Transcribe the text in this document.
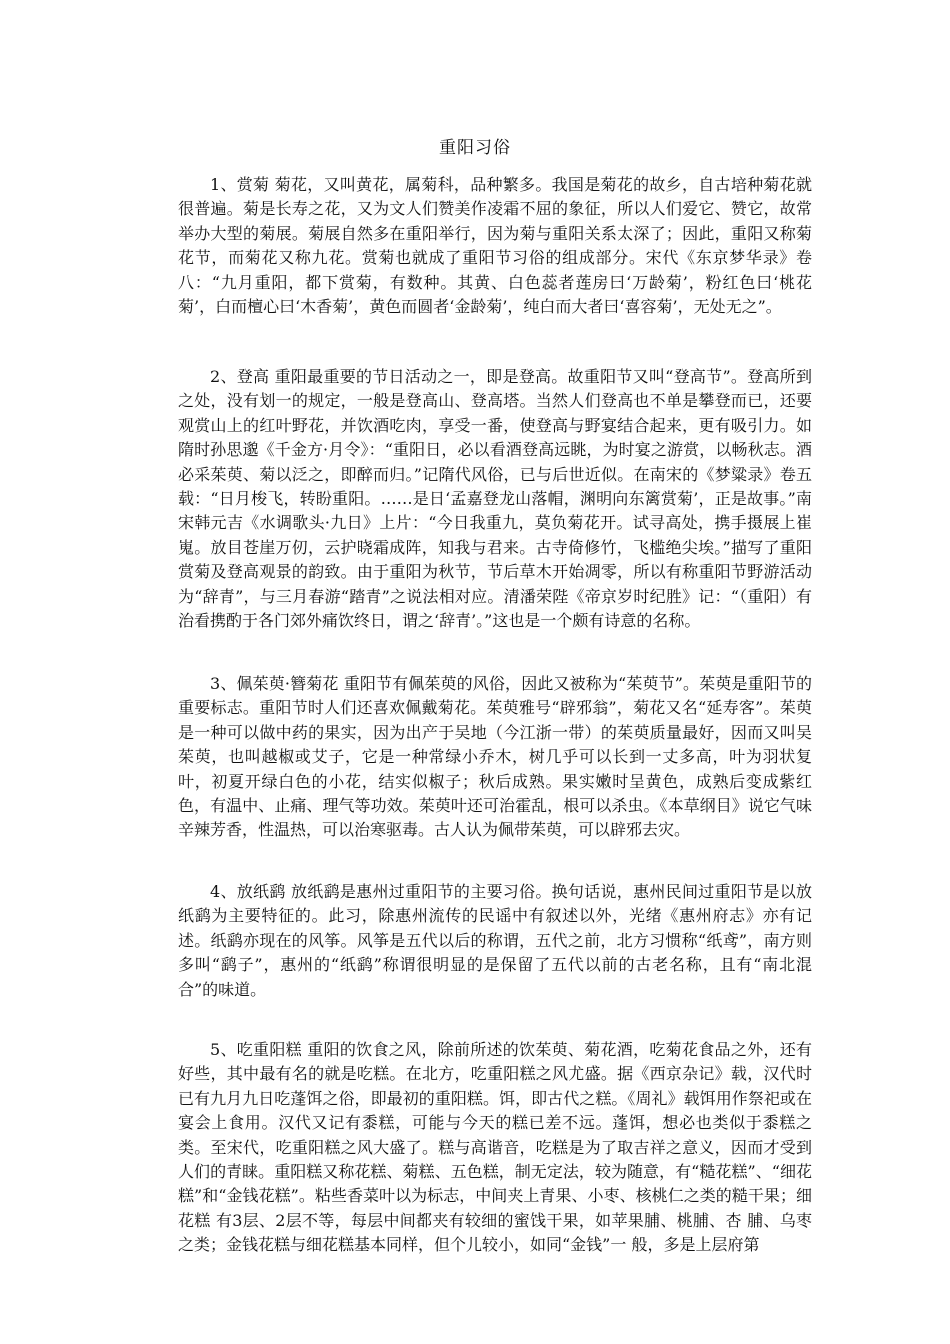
重阳习俗

1、赏菊 菊花，又叫黄花，属菊科，品种繁多。我国是菊花的故乡，自古培种菊花就很普遍。菊是长寿之花，又为文人们赞美作凌霜不屈的象征，所以人们爱它、赞它，故常举办大型的菊展。菊展自然多在重阳举行，因为菊与重阳关系太深了；因此，重阳又称菊花节，而菊花又称九花。赏菊也就成了重阳节习俗的组成部分。宋代《东京梦华录》卷八：“九月重阳，都下赏菊，有数种。其黄、白色蕊者莲房曰‘万龄菊’，粉红色曰‘桃花菊’，白而檀心曰‘木香菊’，黄色而圆者‘金龄菊’，纯白而大者曰‘喜容菊’，无处无之”。

2、登高 重阳最重要的节日活动之一，即是登高。故重阳节又叫“登高节”。登高所到之处，没有划一的规定，一般是登高山、登高塔。当然人们登高也不单是攀登而已，还要观赏山上的红叶野花，并饮酒吃肉，享受一番，使登高与野宴结合起来，更有吸引力。如隋时孙思邈《千金方·月令》：“重阳日，必以看酒登高远眺，为时宴之游赏，以畅秋志。酒必采茱萸、菊以泛之，即醉而归。”记隋代风俗，已与后世近似。在南宋的《梦粱录》卷五载：“日月梭飞，转盼重阳。……是日‘孟嘉登龙山落帽，渊明向东篱赏菊’，正是故事。”南宋韩元吉《水调歌头·九日》上片：“今日我重九，莫负菊花开。试寻高处，携手摄展上崔嵬。放目苍崖万仞，云护晓霜成阵，知我与君来。古寺倚修竹，飞槛绝尖埃。”描写了重阳赏菊及登高观景的韵致。由于重阳为秋节，节后草木开始凋零，所以有称重阳节野游活动为“辞青”，与三月春游“踏青”之说法相对应。清潘荣陛《帝京岁时纪胜》记：“（重阳）有治看携酌于各门郊外痛饮终日，谓之‘辞青’。”这也是一个颇有诗意的名称。

3、佩茱萸·簪菊花 重阳节有佩茱萸的风俗，因此又被称为“茱萸节”。茱萸是重阳节的重要标志。重阳节时人们还喜欢佩戴菊花。茱萸雅号“辟邪翁”，菊花又名“延寿客”。茱萸是一种可以做中药的果实，因为出产于吴地（今江浙一带）的茱萸质量最好，因而又叫吴茱萸，也叫越椒或艾子，它是一种常绿小乔木，树几乎可以长到一丈多高，叶为羽状复叶，初夏开绿白色的小花，结实似椒子；秋后成熟。果实嫩时呈黄色，成熟后变成紫红色，有温中、止痛、理气等功效。茱萸叶还可治霍乱，根可以杀虫。《本草纲目》说它气味辛辣芳香，性温热，可以治寒驱毒。古人认为佩带茱萸，可以辟邪去灾。

4、放纸鹞 放纸鹞是惠州过重阳节的主要习俗。换句话说，惠州民间过重阳节是以放纸鹞为主要特征的。此习，除惠州流传的民谣中有叙述以外，光绪《惠州府志》亦有记述。纸鹞亦现在的风筝。风筝是五代以后的称谓，五代之前，北方习惯称“纸鸢”，南方则多叫“鹞子”，惠州的“纸鹞”称谓很明显的是保留了五代以前的古老名称，且有“南北混合”的味道。

5、吃重阳糕 重阳的饮食之风，除前所述的饮茱萸、菊花酒，吃菊花食品之外，还有好些，其中最有名的就是吃糕。在北方，吃重阳糕之风尤盛。据《西京杂记》载，汉代时已有九月九日吃蓬饵之俗，即最初的重阳糕。饵，即古代之糕。《周礼》载饵用作祭祀或在宴会上食用。汉代又记有黍糕，可能与今天的糕已差不远。蓬饵，想必也类似于黍糕之类。至宋代，吃重阳糕之风大盛了。糕与高谐音，吃糕是为了取吉祥之意义，因而才受到人们的青睐。重阳糕又称花糕、菊糕、五色糕，制无定法，较为随意，有“糙花糕”、“细花糕”和“金钱花糕”。粘些香菜叶以为标志，中间夹上青果、小枣、核桃仁之类的糙干果；细花糕 有3层、2层不等，每层中间都夹有较细的蜜饯干果，如苹果脯、桃脯、杏 脯、乌枣之类；金钱花糕与细花糕基本同样，但个儿较小，如同“金钱”一 般，多是上层府第
